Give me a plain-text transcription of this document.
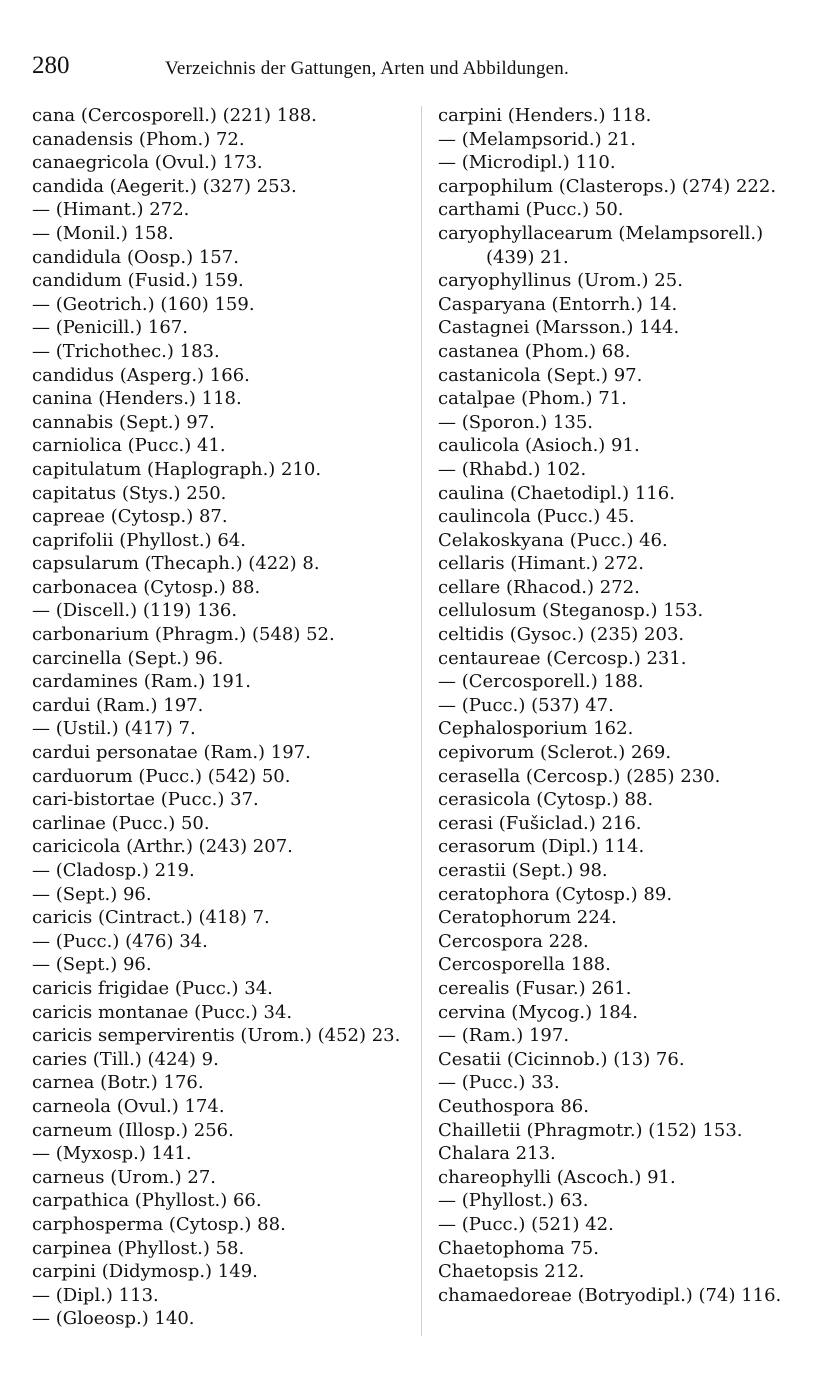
280	Verzeichnis der Gattungen, Arten und Abbildungen.
cana (Cercosporell.) (221) 188.
canadensis (Phom.) 72.
canaegricola (Ovul.) 173.
candida (Aegerit.) (327) 253.
— (Himant.) 272.
— (Monil.) 158.
candidula (Oosp.) 157.
candidum (Fusid.) 159.
— (Geotrich.) (160) 159.
— (Penicill.) 167.
— (Trichothec.) 183.
candidus (Asperg.) 166.
canina (Henders.) 118.
cannabis (Sept.) 97.
carniolica (Pucc.) 41.
capitulatum (Haplograph.) 210.
capitatus (Stys.) 250.
capreae (Cytosp.) 87.
caprifolii (Phyllost.) 64.
capsularum (Thecaph.) (422) 8.
carbonacea (Cytosp.) 88.
— (Discell.) (119) 136.
carbonarium (Phragm.) (548) 52.
carcinella (Sept.) 96.
cardamines (Ram.) 191.
cardui (Ram.) 197.
— (Ustil.) (417) 7.
cardui personatae (Ram.) 197.
carduorum (Pucc.) (542) 50.
cari-bistortae (Pucc.) 37.
carlinae (Pucc.) 50.
caricicola (Arthr.) (243) 207.
— (Cladosp.) 219.
— (Sept.) 96.
caricis (Cintract.) (418) 7.
— (Pucc.) (476) 34.
— (Sept.) 96.
caricis frigidae (Pucc.) 34.
caricis montanae (Pucc.) 34.
caricis sempervirentis (Urom.) (452) 23.
caries (Till.) (424) 9.
carnea (Botr.) 176.
carneola (Ovul.) 174.
carneum (Illosp.) 256.
— (Myxosp.) 141.
carneus (Urom.) 27.
carpathica (Phyllost.) 66.
carphosperma (Cytosp.) 88.
carpinea (Phyllost.) 58.
carpini (Didymosp.) 149.
— (Dipl.) 113.
— (Gloeosp.) 140.
carpini (Henders.) 118.
— (Melampsorid.) 21.
— (Microdipl.) 110.
carpophilum (Clasterops.) (274) 222.
carthami (Pucc.) 50.
caryophyllacearum (Melampsorell.) (439) 21.
caryophyllinus (Urom.) 25.
Casparyana (Entorrh.) 14.
Castagnei (Marsson.) 144.
castanea (Phom.) 68.
castanicola (Sept.) 97.
catalpae (Phom.) 71.
— (Sporon.) 135.
caulicola (Asioch.) 91.
— (Rhabd.) 102.
caulina (Chaetodipl.) 116.
caulincola (Pucc.) 45.
Celakoskyana (Pucc.) 46.
cellaris (Himant.) 272.
cellare (Rhacod.) 272.
cellulosum (Steganosp.) 153.
celtidis (Gysoc.) (235) 203.
centaureae (Cercosp.) 231.
— (Cercosporell.) 188.
— (Pucc.) (537) 47.
Cephalosporium 162.
cepivorum (Sclerot.) 269.
cerasella (Cercosp.) (285) 230.
cerasicola (Cytosp.) 88.
cerasi (Fušiclad.) 216.
cerasorum (Dipl.) 114.
cerastii (Sept.) 98.
ceratophora (Cytosp.) 89.
Ceratophorum 224.
Cercospora 228.
Cercosporella 188.
cerealis (Fusar.) 261.
cervina (Mycog.) 184.
— (Ram.) 197.
Cesatii (Cicinnob.) (13) 76.
— (Pucc.) 33.
Ceuthospora 86.
Chailletii (Phragmotr.) (152) 153.
Chalara 213.
chareophylli (Ascoch.) 91.
— (Phyllost.) 63.
— (Pucc.) (521) 42.
Chaetophoma 75.
Chaetopsis 212.
chamaedoreae (Botryodipl.) (74) 116.
